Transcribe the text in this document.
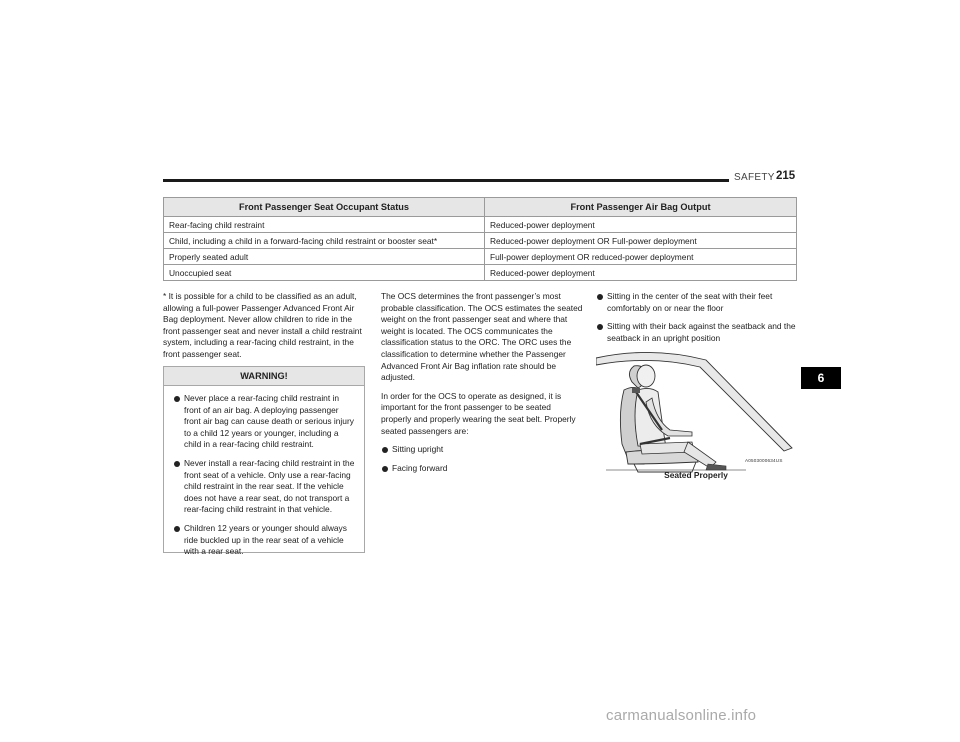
SAFETY 215
Front Passenger Seat Occupant Status	Front Passenger Air Bag Output
Rear-facing child restraint	Reduced-power deployment
Child, including a child in a forward-facing child restraint or booster seat*	Reduced-power deployment OR Full-power deployment
Properly seated adult	Full-power deployment OR reduced-power deployment
Unoccupied seat	Reduced-power deployment

* It is possible for a child to be classified as an adult, allowing a full-power Passenger Advanced Front Air Bag deployment. Never allow children to ride in the front passenger seat and never install a child restraint system, including a rear-facing child restraint, in the front passenger seat.

WARNING!
Never place a rear-facing child restraint in front of an air bag. A deploying passenger front air bag can cause death or serious injury to a child 12 years or younger, including a child in a rear-facing child restraint.
Never install a rear-facing child restraint in the front seat of a vehicle. Only use a rear-facing child restraint in the rear seat. If the vehicle does not have a rear seat, do not transport a rear-facing child restraint in that vehicle.
Children 12 years or younger should always ride buckled up in the rear seat of a vehicle with a rear seat.

The OCS determines the front passenger’s most probable classification. The OCS estimates the seated weight on the front passenger seat and where that weight is located. The OCS communicates the classification status to the ORC. The ORC uses the classification to determine whether the Passenger Advanced Front Air Bag inflation rate should be adjusted.

In order for the OCS to operate as designed, it is important for the front passenger to be seated properly and properly wearing the seat belt. Properly seated passengers are:

Sitting upright
Facing forward
Sitting in the center of the seat with their feet comfortably on or near the floor
Sitting with their back against the seatback and the seatback in an upright position
A0503000634US
Seated Properly
6
carmanualsonline.info
